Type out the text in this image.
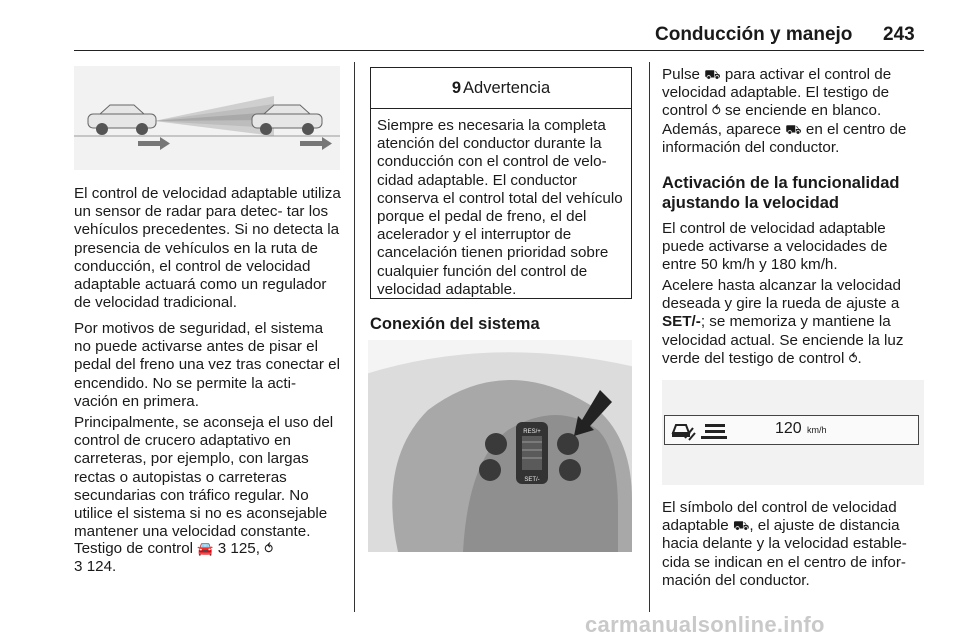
Conducción y manejo 243

El control de velocidad adaptable utiliza un sensor de radar para detec‑ tar los vehículos precedentes. Si no detecta la presencia de vehículos en la ruta de conducción, el control de velocidad adaptable actuará como un regulador de velocidad tradicional.

Por motivos de seguridad, el sistema no puede activarse antes de pisar el pedal del freno una vez tras conectar el encendido. No se permite la acti‑ vación en primera.

Principalmente, se aconseja el uso del control de crucero adaptativo en carreteras, por ejemplo, con largas rectas o autopistas o carreteras secundarias con tráfico regular. No utilice el sistema si no es aconsejable mantener una velocidad constante.

Testigo de control 🚘 3 125, ⥀
3 124.

9 Advertencia
Siempre es necesaria la completa atención del conductor durante la conducción con el control de velo‑ cidad adaptable. El conductor conserva el control total del vehículo porque el pedal de freno, el del acelerador y el interruptor de cancelación tienen prioridad sobre cualquier función del control de velocidad adaptable.
Conexión del sistema
RES/+
SET/-

Pulse ⛟ para activar el control de velocidad adaptable. El testigo de control ⥀ se enciende en blanco. Además, aparece ⛟ en el centro de información del conductor.

Activación de la funcionalidad ajustando la velocidad

El control de velocidad adaptable puede activarse a velocidades de entre 50 km/h y 180 km/h.

Acelere hasta alcanzar la velocidad deseada y gire la rueda de ajuste a SET/-; se memoriza y mantiene la velocidad actual. Se enciende la luz verde del testigo de control ⥀.

120 km/h

El símbolo del control de velocidad adaptable ⛟, el ajuste de distancia hacia delante y la velocidad estable‑ cida se indican en el centro de infor‑ mación del conductor.

carmanualsonline.info
